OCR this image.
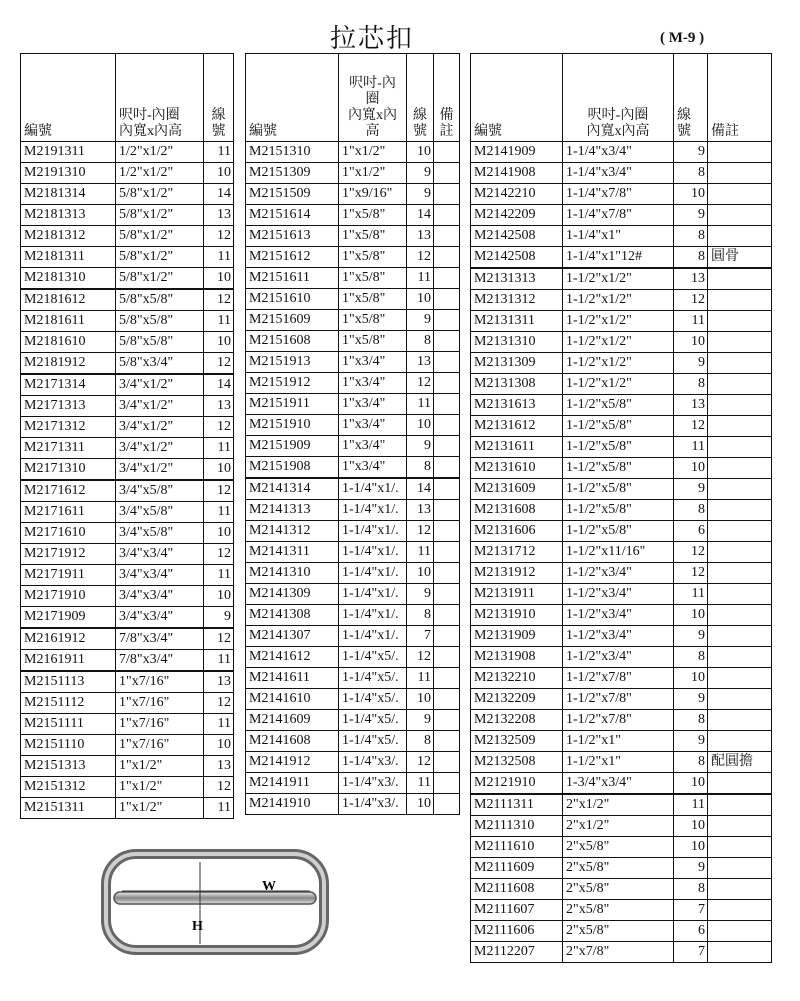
拉芯扣	( M-9 )
編號	呎吋-內圈
內寬x內高	線
號
M2191311	1/2"x1/2"	11
M2191310	1/2"x1/2"	10
M2181314	5/8"x1/2"	14
M2181313	5/8"x1/2"	13
M2181312	5/8"x1/2"	12
M2181311	5/8"x1/2"	11
M2181310	5/8"x1/2"	10
M2181612	5/8"x5/8"	12
M2181611	5/8"x5/8"	11
M2181610	5/8"x5/8"	10
M2181912	5/8"x3/4"	12
M2171314	3/4"x1/2"	14
M2171313	3/4"x1/2"	13
M2171312	3/4"x1/2"	12
M2171311	3/4"x1/2"	11
M2171310	3/4"x1/2"	10
M2171612	3/4"x5/8"	12
M2171611	3/4"x5/8"	11
M2171610	3/4"x5/8"	10
M2171912	3/4"x3/4"	12
M2171911	3/4"x3/4"	11
M2171910	3/4"x3/4"	10
M2171909	3/4"x3/4"	9
M2161912	7/8"x3/4"	12
M2161911	7/8"x3/4"	11
M2151113	1"x7/16"	13
M2151112	1"x7/16"	12
M2151111	1"x7/16"	11
M2151110	1"x7/16"	10
M2151313	1"x1/2"	13
M2151312	1"x1/2"	12
M2151311	1"x1/2"	11
編號	呎吋-內
圈
內寬x內
高	線
號	備
註
M2151310	1"x1/2"	10	
M2151309	1"x1/2"	9	
M2151509	1"x9/16"	9	
M2151614	1"x5/8"	14	
M2151613	1"x5/8"	13	
M2151612	1"x5/8"	12	
M2151611	1"x5/8"	11	
M2151610	1"x5/8"	10	
M2151609	1"x5/8"	9	
M2151608	1"x5/8"	8	
M2151913	1"x3/4"	13	
M2151912	1"x3/4"	12	
M2151911	1"x3/4"	11	
M2151910	1"x3/4"	10	
M2151909	1"x3/4"	9	
M2151908	1"x3/4"	8	
M2141314	1-1/4"x1/.	14	
M2141313	1-1/4"x1/.	13	
M2141312	1-1/4"x1/.	12	
M2141311	1-1/4"x1/.	11	
M2141310	1-1/4"x1/.	10	
M2141309	1-1/4"x1/.	9	
M2141308	1-1/4"x1/.	8	
M2141307	1-1/4"x1/.	7	
M2141612	1-1/4"x5/.	12	
M2141611	1-1/4"x5/.	11	
M2141610	1-1/4"x5/.	10	
M2141609	1-1/4"x5/.	9	
M2141608	1-1/4"x5/.	8	
M2141912	1-1/4"x3/.	12	
M2141911	1-1/4"x3/.	11	
M2141910	1-1/4"x3/.	10	
編號	呎吋-內圈
內寬x內高	線
號	備註
M2141909	1-1/4"x3/4"	9	
M2141908	1-1/4"x3/4"	8	
M2142210	1-1/4"x7/8"	10	
M2142209	1-1/4"x7/8"	9	
M2142508	1-1/4"x1"	8	
M2142508	1-1/4"x1"12#	8	圓骨
M2131313	1-1/2"x1/2"	13	
M2131312	1-1/2"x1/2"	12	
M2131311	1-1/2"x1/2"	11	
M2131310	1-1/2"x1/2"	10	
M2131309	1-1/2"x1/2"	9	
M2131308	1-1/2"x1/2"	8	
M2131613	1-1/2"x5/8"	13	
M2131612	1-1/2"x5/8"	12	
M2131611	1-1/2"x5/8"	11	
M2131610	1-1/2"x5/8"	10	
M2131609	1-1/2"x5/8"	9	
M2131608	1-1/2"x5/8"	8	
M2131606	1-1/2"x5/8"	6	
M2131712	1-1/2"x11/16"	12	
M2131912	1-1/2"x3/4"	12	
M2131911	1-1/2"x3/4"	11	
M2131910	1-1/2"x3/4"	10	
M2131909	1-1/2"x3/4"	9	
M2131908	1-1/2"x3/4"	8	
M2132210	1-1/2"x7/8"	10	
M2132209	1-1/2"x7/8"	9	
M2132208	1-1/2"x7/8"	8	
M2132509	1-1/2"x1"	9	
M2132508	1-1/2"x1"	8	配圓擔
M2121910	1-3/4"x3/4"	10	
M2111311	2"x1/2"	11	
M2111310	2"x1/2"	10	
M2111610	2"x5/8"	10	
M2111609	2"x5/8"	9	
M2111608	2"x5/8"	8	
M2111607	2"x5/8"	7	
M2111606	2"x5/8"	6	
M2112207	2"x7/8"	7	
W
H
